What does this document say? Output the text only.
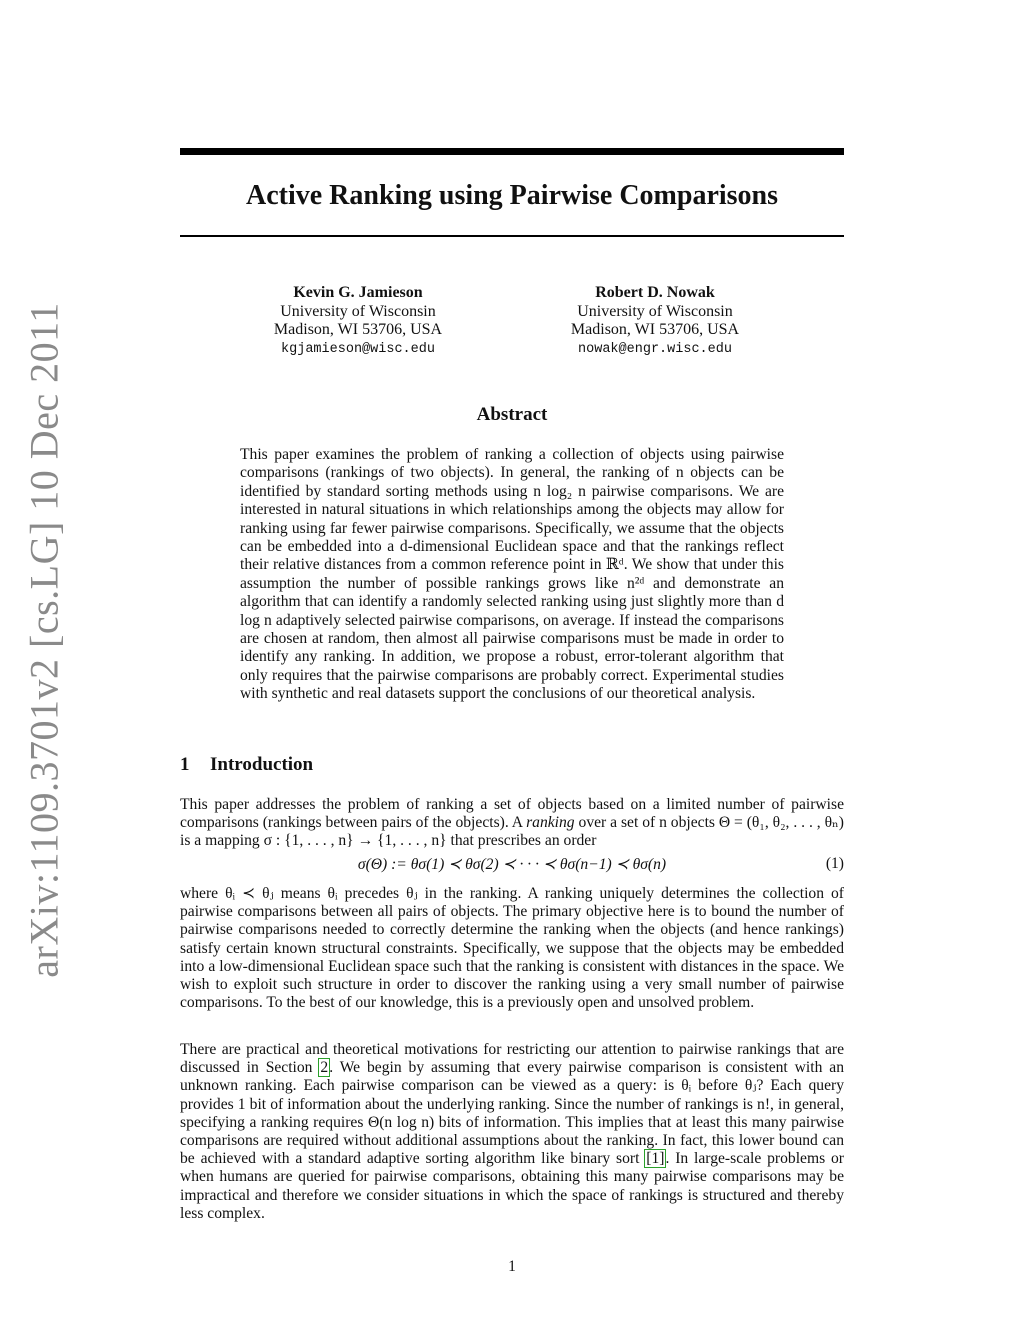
arXiv:1109.3701v2 [cs.LG] 10 Dec 2011
Active Ranking using Pairwise Comparisons
Kevin G. Jamieson
University of Wisconsin
Madison, WI 53706, USA
kgjamieson@wisc.edu
Robert D. Nowak
University of Wisconsin
Madison, WI 53706, USA
nowak@engr.wisc.edu
Abstract
This paper examines the problem of ranking a collection of objects using pairwise comparisons (rankings of two objects). In general, the ranking of n objects can be identified by standard sorting methods using n log₂ n pairwise comparisons. We are interested in natural situations in which relationships among the objects may allow for ranking using far fewer pairwise comparisons. Specifically, we assume that the objects can be embedded into a d-dimensional Euclidean space and that the rankings reflect their relative distances from a common reference point in ℝᵈ. We show that under this assumption the number of possible rankings grows like n²ᵈ and demonstrate an algorithm that can identify a randomly selected ranking using just slightly more than d log n adaptively selected pairwise comparisons, on average. If instead the comparisons are chosen at random, then almost all pairwise comparisons must be made in order to identify any ranking. In addition, we propose a robust, error-tolerant algorithm that only requires that the pairwise comparisons are probably correct. Experimental studies with synthetic and real datasets support the conclusions of our theoretical analysis.
1 Introduction
This paper addresses the problem of ranking a set of objects based on a limited number of pairwise comparisons (rankings between pairs of the objects). A ranking over a set of n objects Θ = (θ₁, θ₂, . . . , θₙ) is a mapping σ : {1, . . . , n} → {1, . . . , n} that prescribes an order
σ(Θ) := θσ(1) ≺ θσ(2) ≺ · · · ≺ θσ(n−1) ≺ θσ(n)	(1)
where θᵢ ≺ θⱼ means θᵢ precedes θⱼ in the ranking. A ranking uniquely determines the collection of pairwise comparisons between all pairs of objects. The primary objective here is to bound the number of pairwise comparisons needed to correctly determine the ranking when the objects (and hence rankings) satisfy certain known structural constraints. Specifically, we suppose that the objects may be embedded into a low-dimensional Euclidean space such that the ranking is consistent with distances in the space. We wish to exploit such structure in order to discover the ranking using a very small number of pairwise comparisons. To the best of our knowledge, this is a previously open and unsolved problem.
There are practical and theoretical motivations for restricting our attention to pairwise rankings that are discussed in Section 2. We begin by assuming that every pairwise comparison is consistent with an unknown ranking. Each pairwise comparison can be viewed as a query: is θᵢ before θⱼ? Each query provides 1 bit of information about the underlying ranking. Since the number of rankings is n!, in general, specifying a ranking requires Θ(n log n) bits of information. This implies that at least this many pairwise comparisons are required without additional assumptions about the ranking. In fact, this lower bound can be achieved with a standard adaptive sorting algorithm like binary sort [1]. In large-scale problems or when humans are queried for pairwise comparisons, obtaining this many pairwise comparisons may be impractical and therefore we consider situations in which the space of rankings is structured and thereby less complex.
1
